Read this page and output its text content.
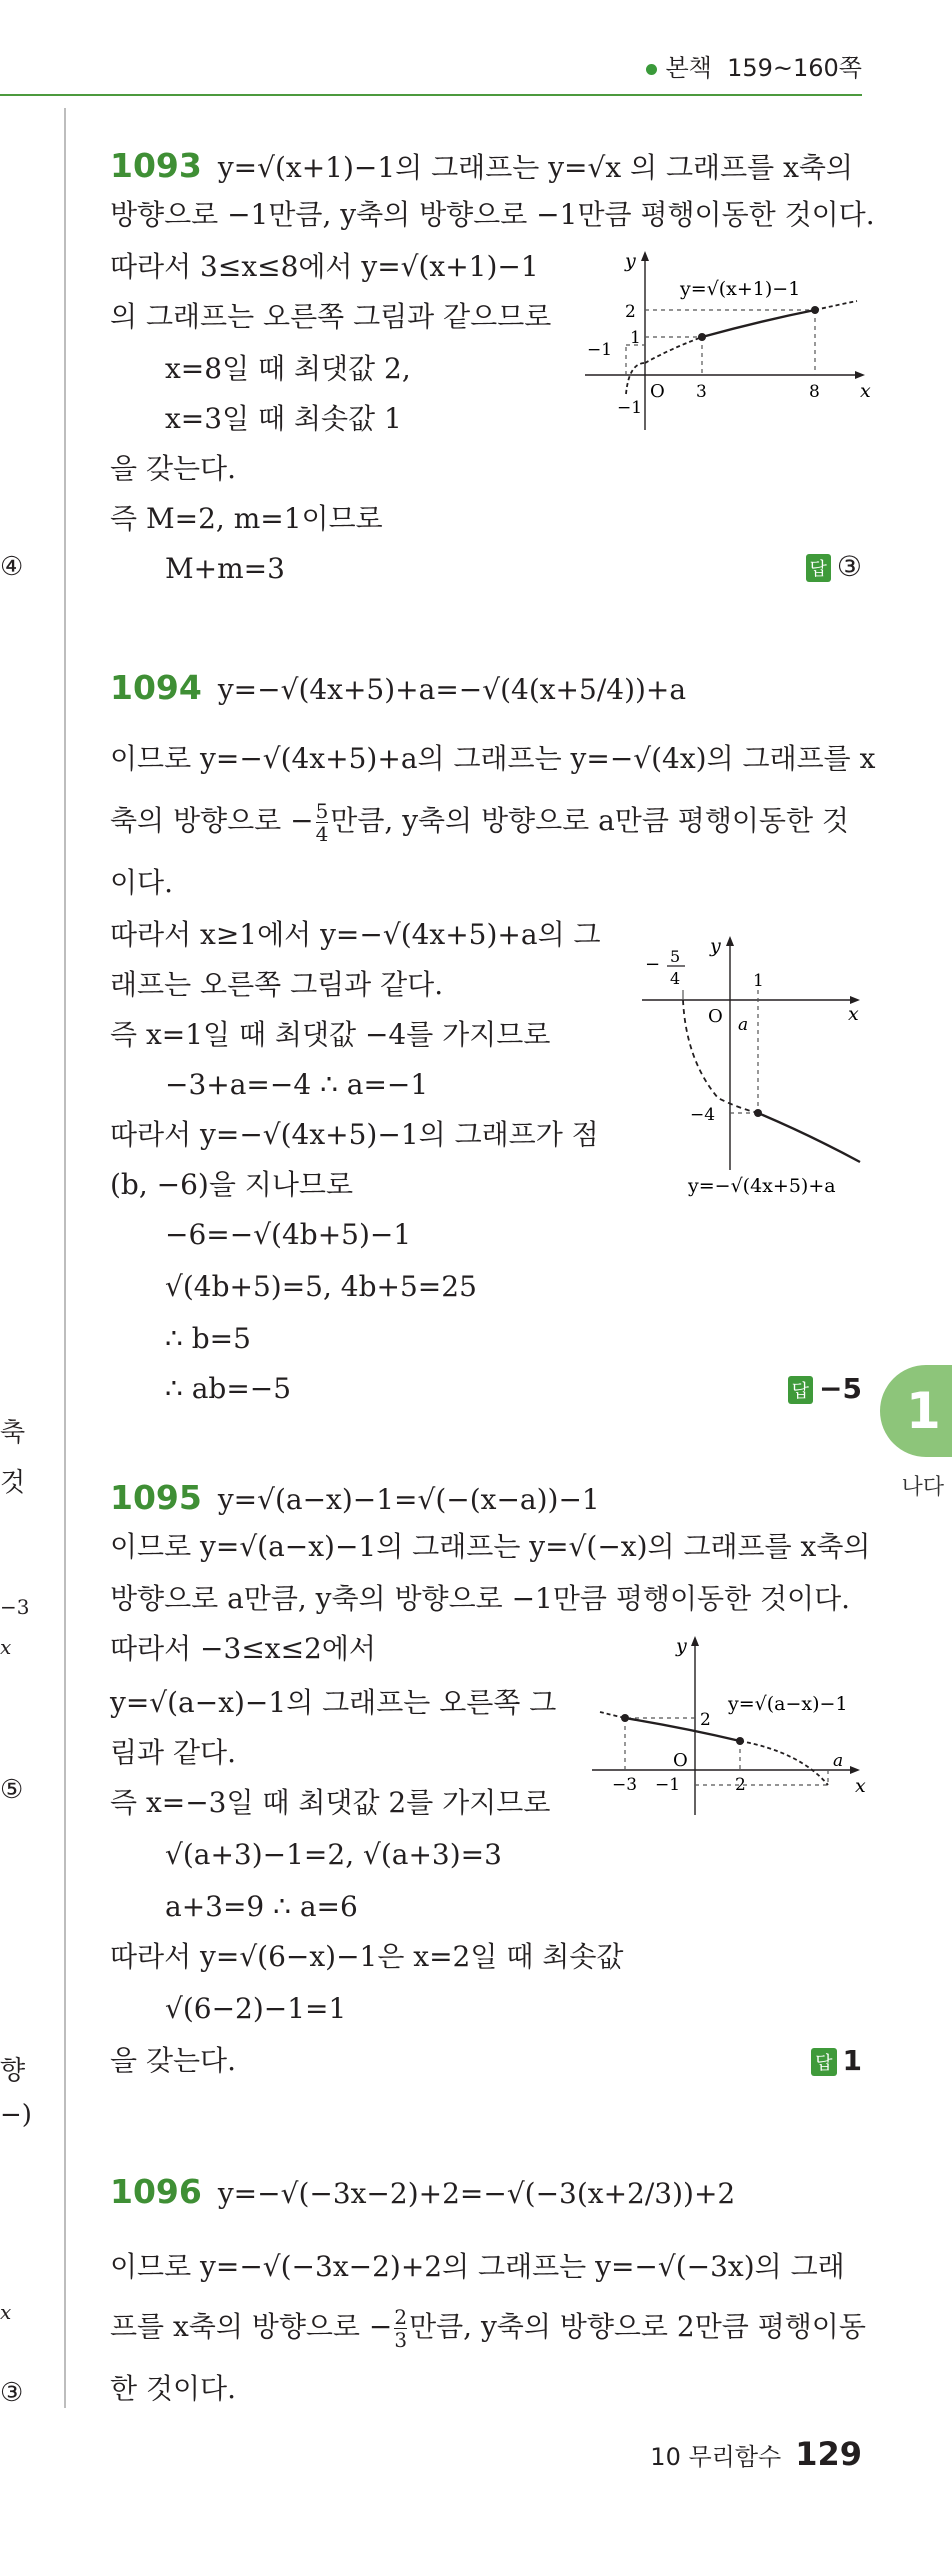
본책 159~160쪽
④
축
것
−3
x
⑤
향
−)
x
③
1093 y=√(x+1)−1의 그래프는 y=√x 의 그래프를 x축의
방향으로 −1만큼, y축의 방향으로 −1만큼 평행이동한 것이다.
따라서 3≤x≤8에서 y=√(x+1)−1
의 그래프는 오른쪽 그림과 같으므로
x=8일 때 최댓값 2,
x=3일 때 최솟값 1
을 갖는다.
즉 M=2, m=1이므로
M+m=3	답 ③
y
x
y=√(x+1)−1
2
1
−1
O 3	8
−1
1094 y=−√(4x+5)+a=−√(4(x+5/4))+a
이므로 y=−√(4x+5)+a의 그래프는 y=−√(4x)의 그래프를 x
축의 방향으로 − $\frac{5}{4}$ 만큼, y축의 방향으로 a만큼 평행이동한 것
이다.
따라서 x≥1에서 y=−√(4x+5)+a의 그
래프는 오른쪽 그림과 같다.
즉 x=1일 때 최댓값 −4를 가지므로
−3+a=−4 ∴ a=−1
따라서 y=−√(4x+5)−1의 그래프가 점
(b, −6)을 지나므로
−6=−√(4b+5)−1
√(4b+5)=5, 4b+5=25
∴ b=5
∴ ab=−5	답 −5
y
x
− 5
4	1
O a
−4
y=−√(4x+5)+a
1095 y=√(a−x)−1=√(−(x−a))−1
이므로 y=√(a−x)−1의 그래프는 y=√(−x)의 그래프를 x축의
방향으로 a만큼, y축의 방향으로 −1만큼 평행이동한 것이다.
따라서 −3≤x≤2에서
y=√(a−x)−1의 그래프는 오른쪽 그
림과 같다.
즉 x=−3일 때 최댓값 2를 가지므로
√(a+3)−1=2, √(a+3)=3
a+3=9 ∴ a=6
따라서 y=√(6−x)−1은 x=2일 때 최솟값
√(6−2)−1=1
을 갖는다.	답 1
y
x
y=√(a−x)−1
2
O	a
−3	2
−1
1096 y=−√(−3x−2)+2=−√(−3(x+2/3))+2
이므로 y=−√(−3x−2)+2의 그래프는 y=−√(−3x)의 그래
프를 x축의 방향으로 − $\frac{2}{3}$ 만큼, y축의 방향으로 2만큼 평행이동
한 것이다.
1
나다
10 무리함수 129
